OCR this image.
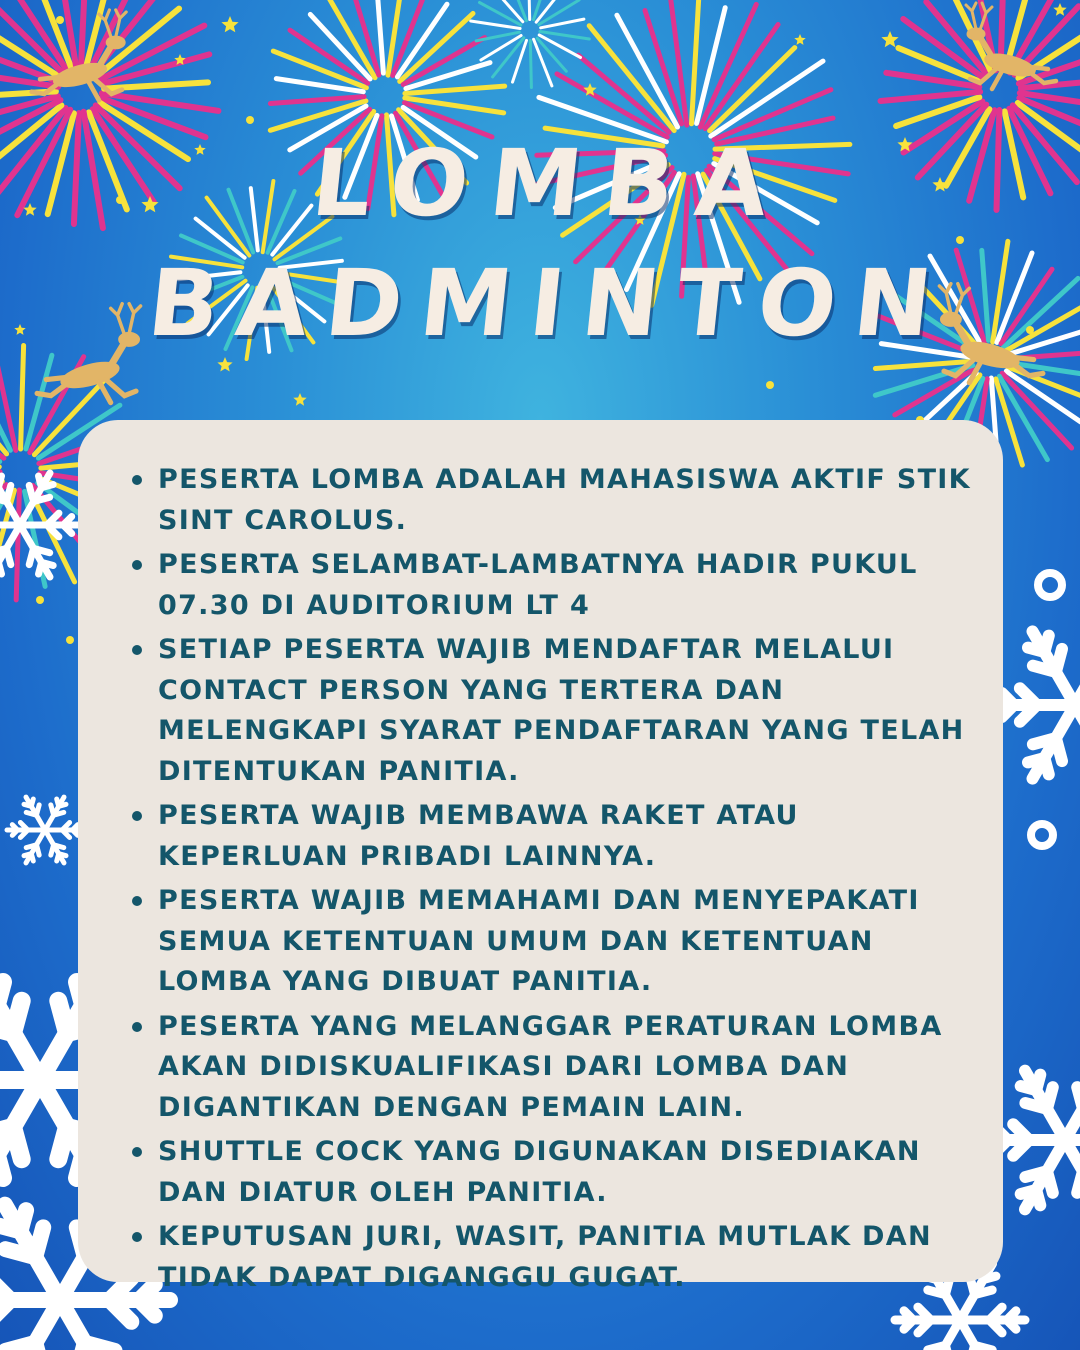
LOMBA
BADMINTON
PESERTA LOMBA ADALAH MAHASISWA AKTIF STIK SINT CAROLUS.
PESERTA SELAMBAT-LAMBATNYA HADIR PUKUL 07.30 DI AUDITORIUM LT 4
SETIAP PESERTA WAJIB MENDAFTAR MELALUI CONTACT PERSON YANG TERTERA DAN MELENGKAPI SYARAT PENDAFTARAN YANG TELAH DITENTUKAN PANITIA.
PESERTA WAJIB MEMBAWA RAKET ATAU KEPERLUAN PRIBADI LAINNYA.
PESERTA WAJIB MEMAHAMI DAN MENYEPAKATI SEMUA KETENTUAN UMUM DAN KETENTUAN LOMBA YANG DIBUAT PANITIA.
PESERTA YANG MELANGGAR PERATURAN LOMBA AKAN DIDISKUALIFIKASI DARI LOMBA DAN DIGANTIKAN DENGAN PEMAIN LAIN.
SHUTTLE COCK YANG DIGUNAKAN DISEDIAKAN DAN DIATUR OLEH PANITIA.
KEPUTUSAN JURI, WASIT, PANITIA MUTLAK DAN TIDAK DAPAT DIGANGGU GUGAT.
